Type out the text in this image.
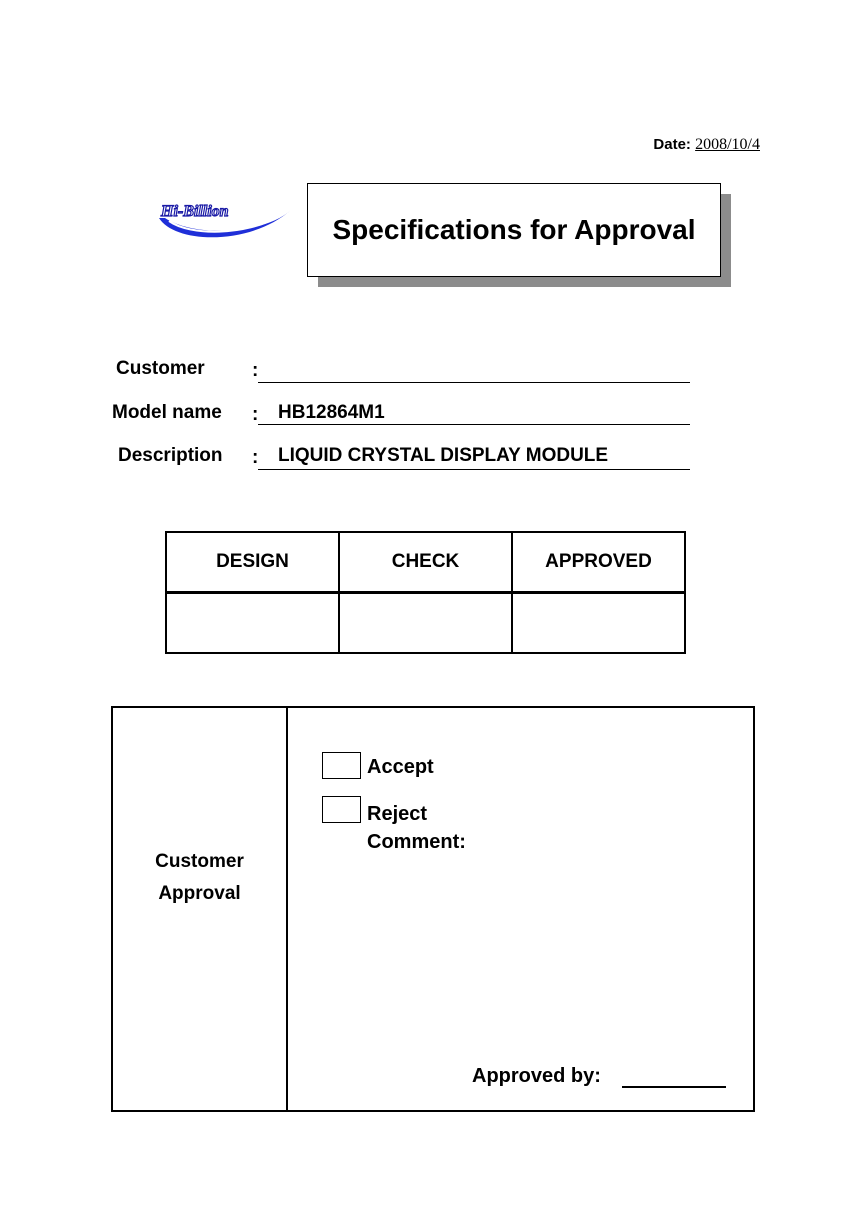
Date: 2008/10/4
Hi-Billion
Specifications for Approval
Customer :
Model name : HB12864M1
Description : LIQUID CRYSTAL DISPLAY MODULE
DESIGN	CHECK	APPROVED

Customer
Approval
Accept
Reject
Comment:
Approved by:
